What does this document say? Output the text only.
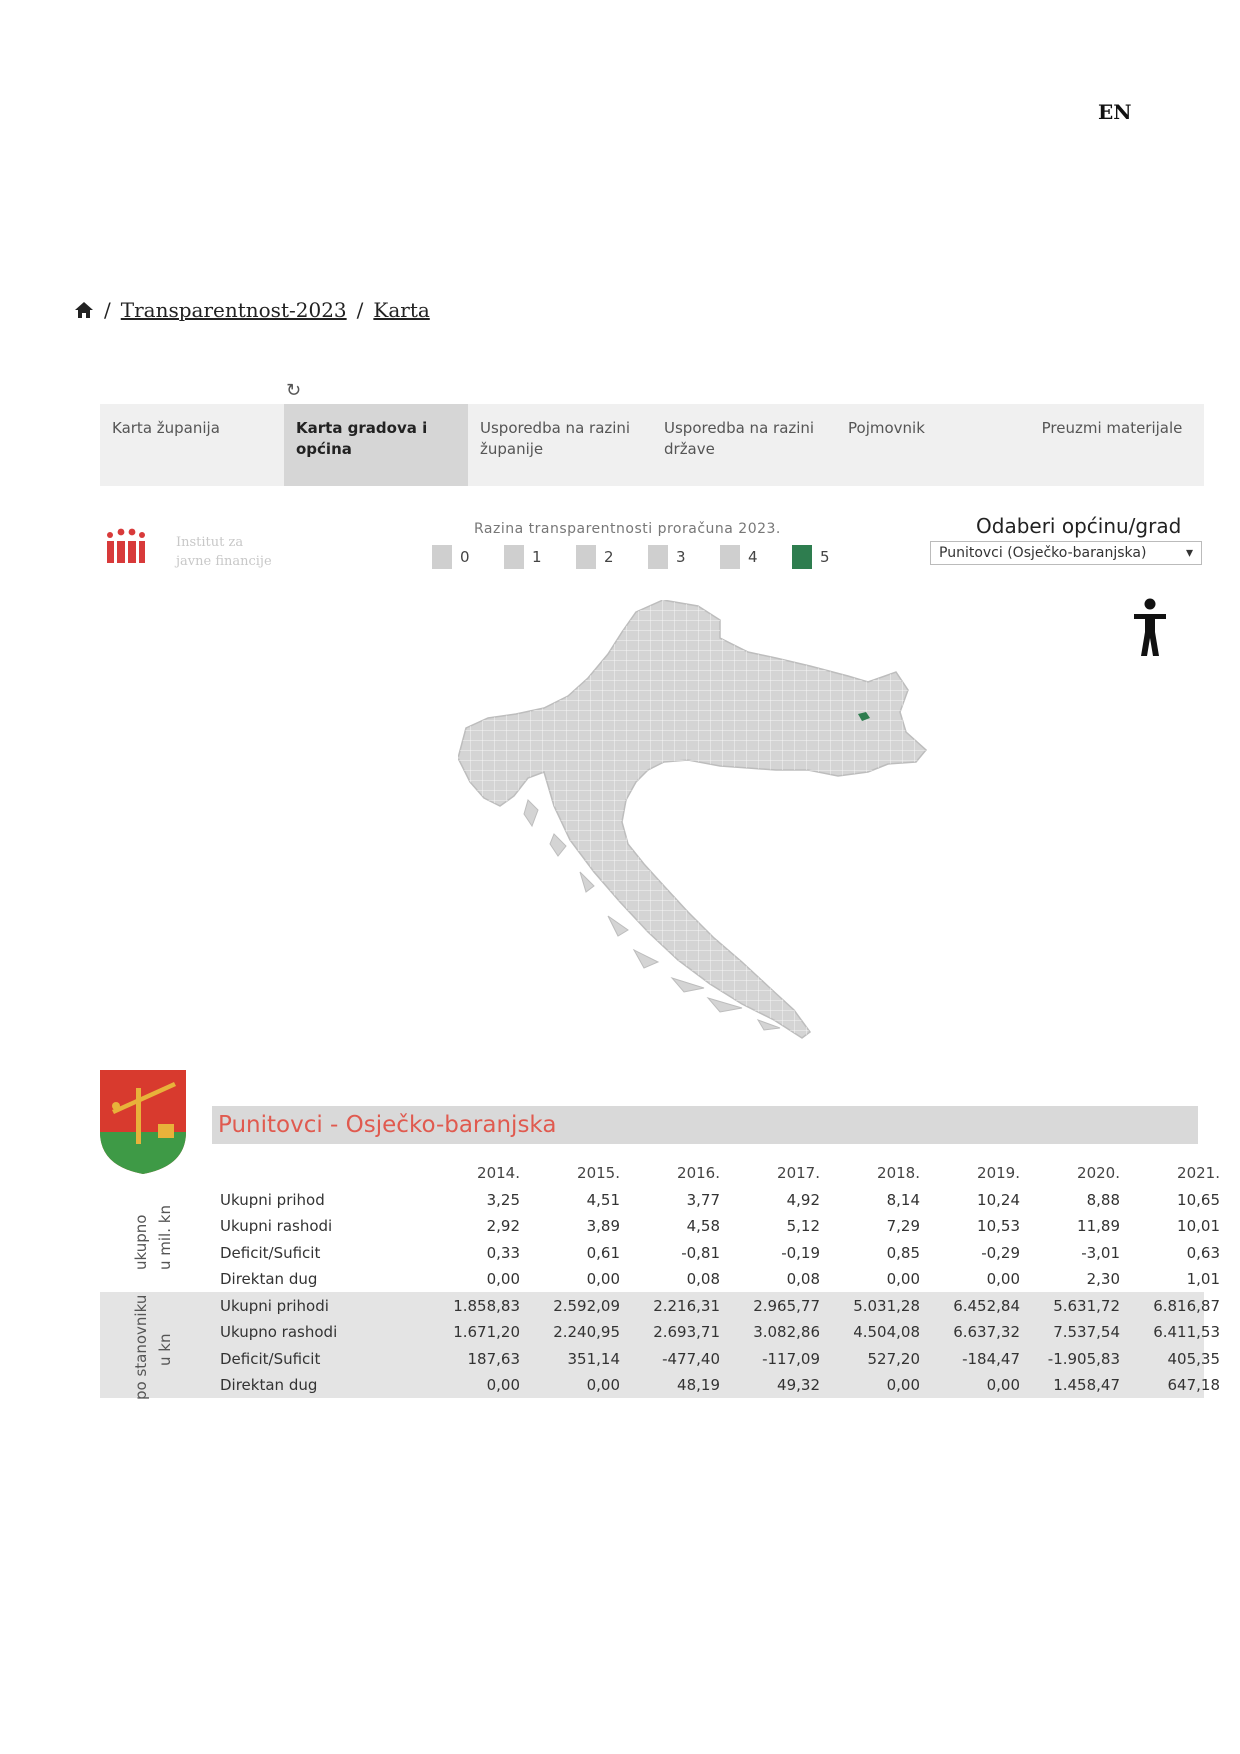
EN
/ Transparentnost-2023 / Karta
↻
Karta županija	Karta gradova i općina
Usporedba na razini županije
Usporedba na razini države
Pojmovnik	Preuzmi materijale
Institut za
javne financije
Razina transparentnosti proračuna 2023.
0	1	2	3	4	5
Odaberi općinu/grad
Punitovci (Osječko-baranjska)	▾
Punitovci - Osječko-baranjska
ukupno u mil. kn
po stanovniku u kn
	2014.	2015.	2016.	2017.	2018.	2019.	2020.	2021.
Ukupni prihod	3,25	4,51	3,77	4,92	8,14	10,24	8,88	10,65
Ukupni rashodi	2,92	3,89	4,58	5,12	7,29	10,53	11,89	10,01
Deficit/Suficit	0,33	0,61	-0,81	-0,19	0,85	-0,29	-3,01	0,63
Direktan dug	0,00	0,00	0,08	0,08	0,00	0,00	2,30	1,01
Ukupni prihodi	1.858,83	2.592,09	2.216,31	2.965,77	5.031,28	6.452,84	5.631,72	6.816,87
Ukupno rashodi	1.671,20	2.240,95	2.693,71	3.082,86	4.504,08	6.637,32	7.537,54	6.411,53
Deficit/Suficit	187,63	351,14	-477,40	-117,09	527,20	-184,47	-1.905,83	405,35
Direktan dug	0,00	0,00	48,19	49,32	0,00	0,00	1.458,47	647,18
